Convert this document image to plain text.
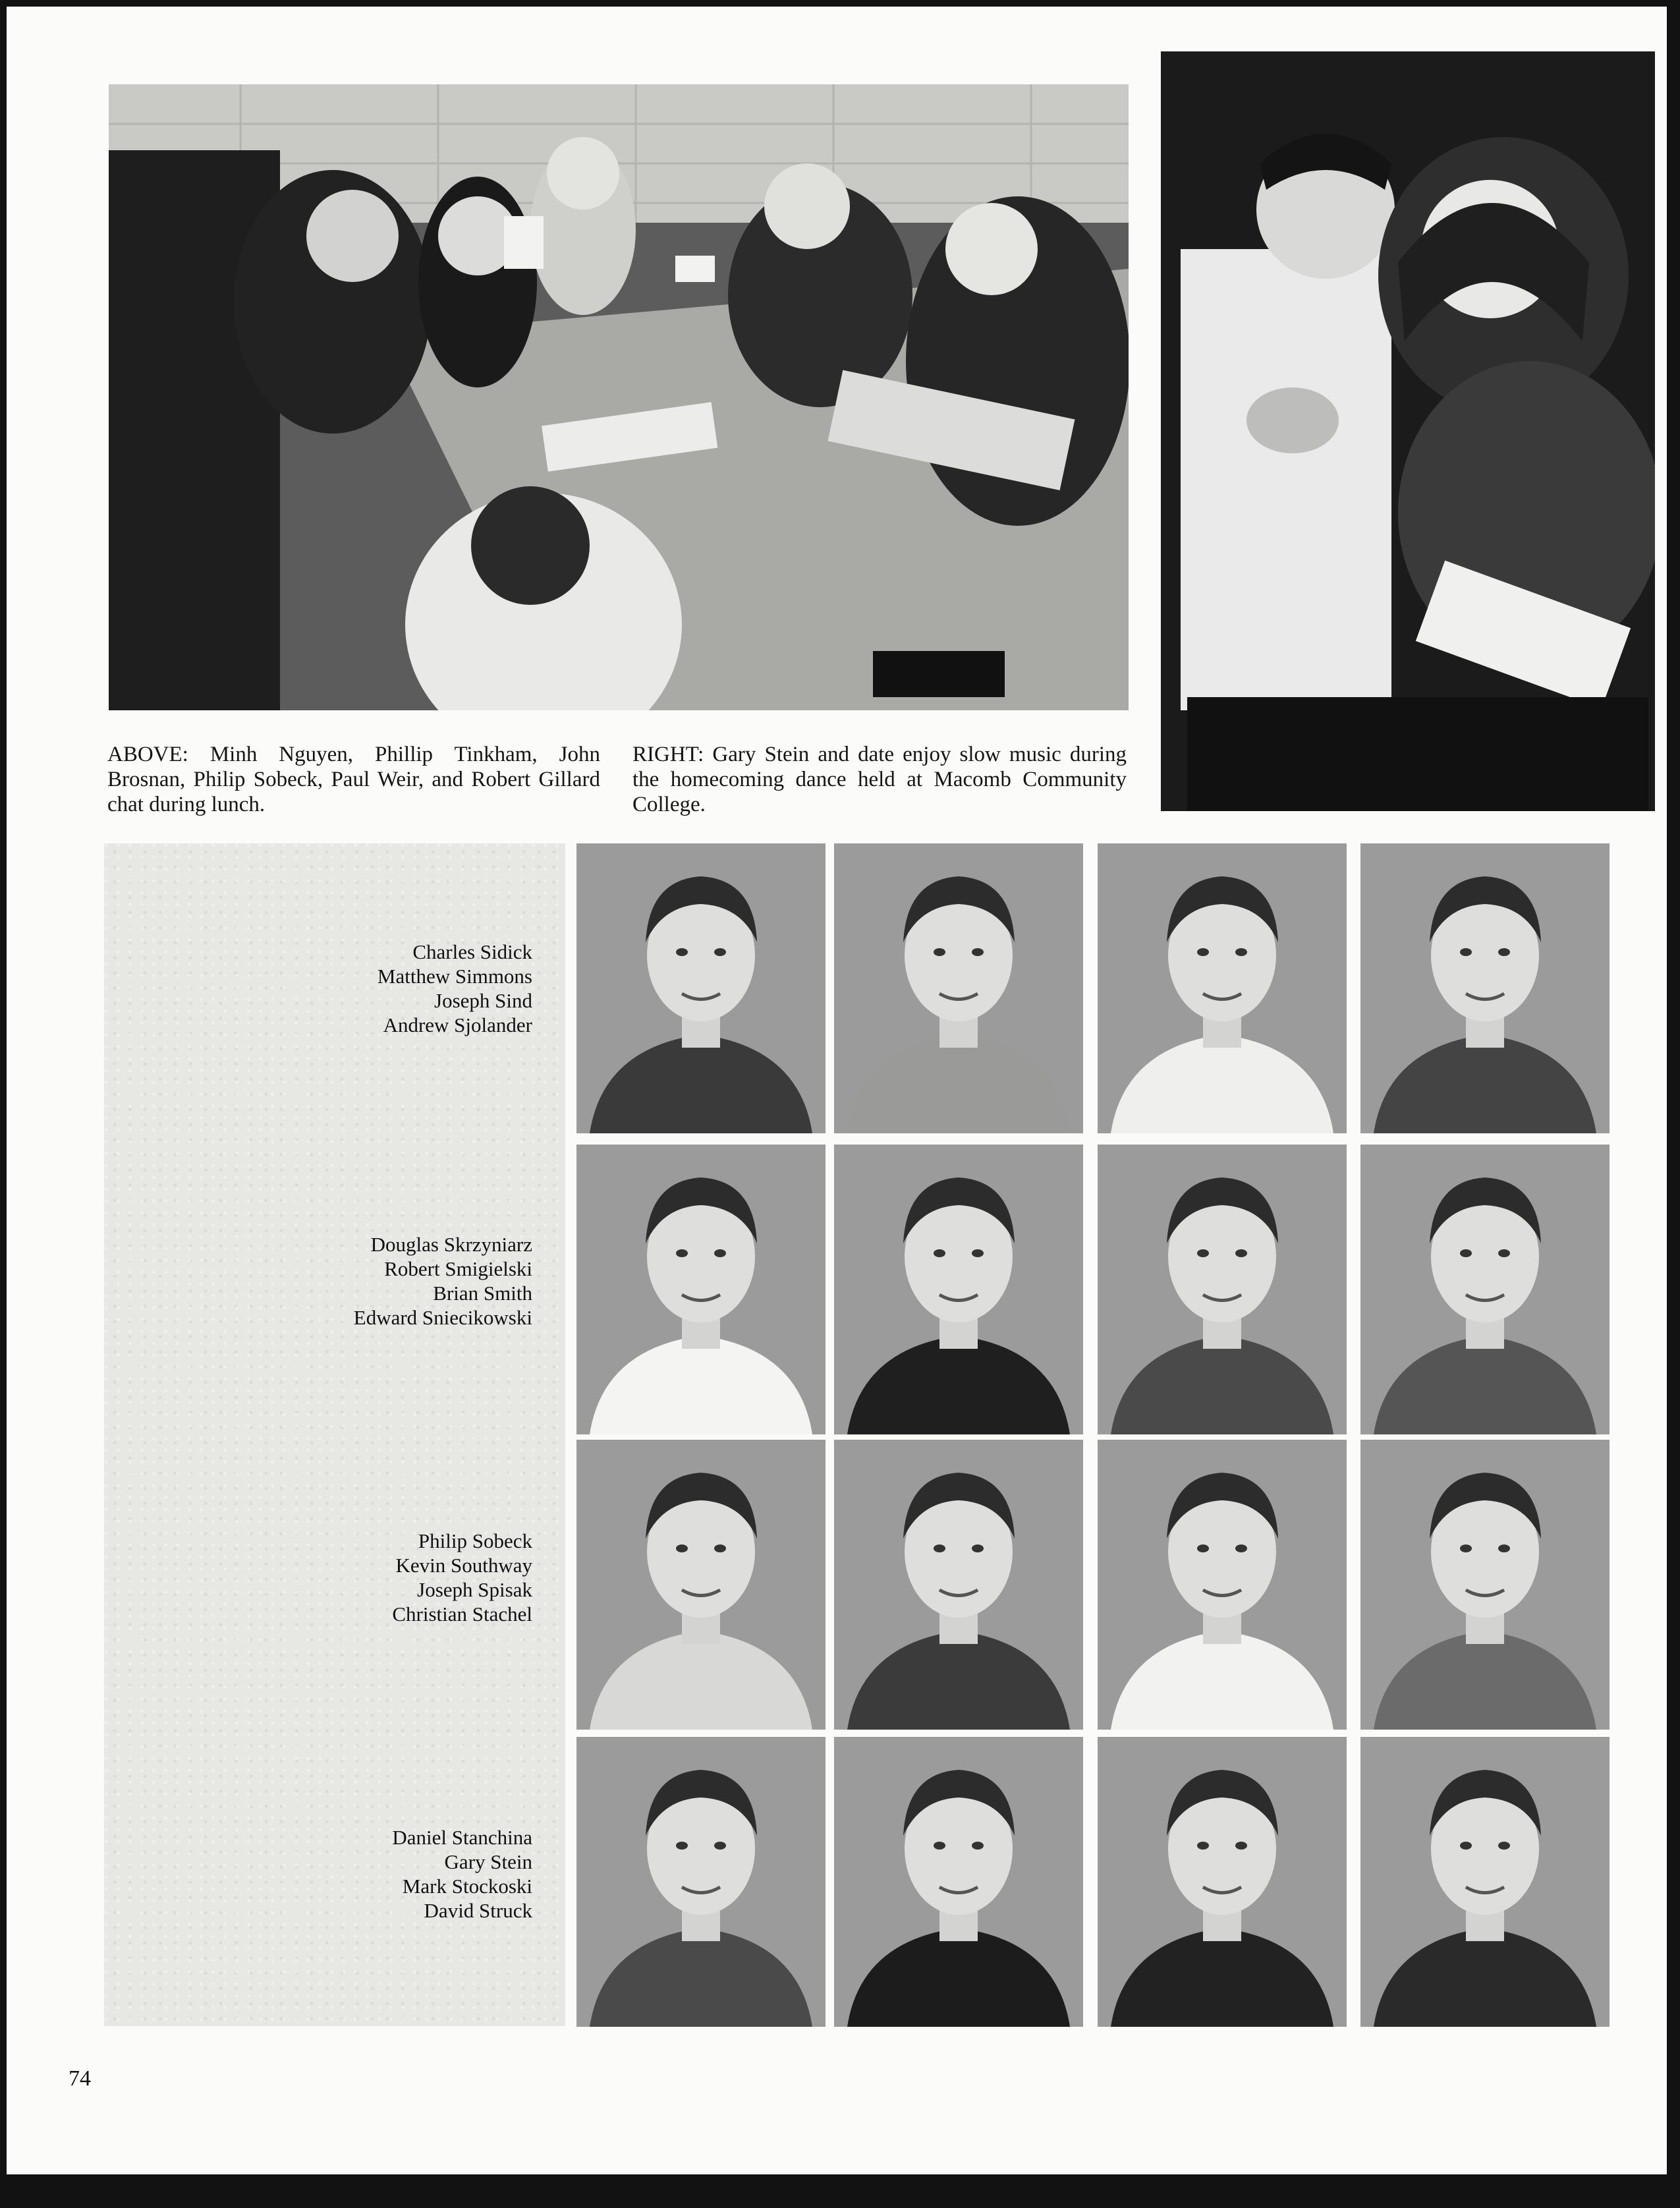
ABOVE: Minh Nguyen, Phillip Tinkham, John Brosnan, Philip Sobeck, Paul Weir, and Robert Gillard chat during lunch.

RIGHT: Gary Stein and date enjoy slow music during the homecoming dance held at Macomb Community College.

Charles Sidick
Matthew Simmons
Joseph Sind
Andrew Sjolander
Douglas Skrzyniarz
Robert Smigielski
Brian Smith
Edward Sniecikowski
Philip Sobeck
Kevin Southway
Joseph Spisak
Christian Stachel
Daniel Stanchina
Gary Stein
Mark Stockoski
David Struck

74
